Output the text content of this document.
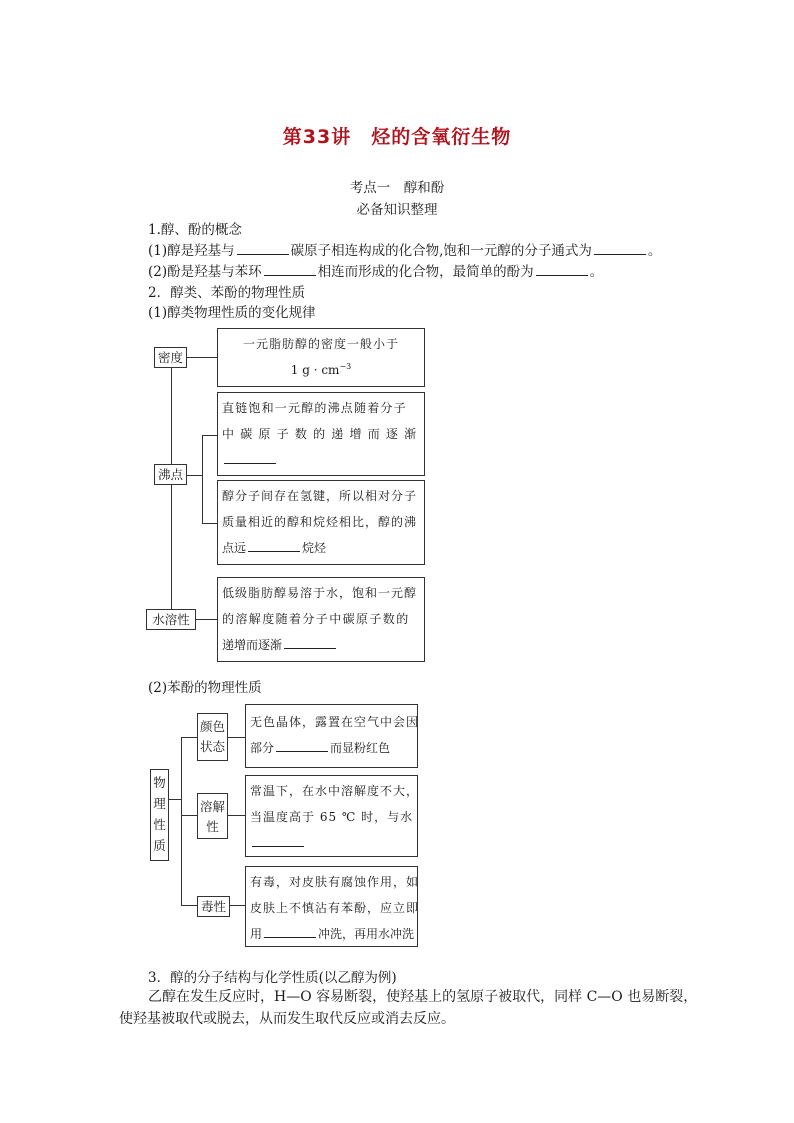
第33讲　烃的含氧衍生物
考点一　醇和酚
必备知识整理
1.醇、酚的概念
(1)醇是羟基与	碳原子相连构成的化合物,饱和一元醇的分子通式为	。
(2)酚是羟基与苯环	相连而形成的化合物，最简单的酚为	。
2．醇类、苯酚的物理性质
(1)醇类物理性质的变化规律
密度
一元脂肪醇的密度一般小于
1 $g \cdot cm^{-3}$
沸点
直链饱和一元醇的沸点随着分子
中 碳 原 子 数 的 递 增 而 逐 渐
醇分子间存在氢键，所以相对分子
质量相近的醇和烷烃相比，醇的沸
点远	烷烃
水溶性
低级脂肪醇易溶于水，饱和一元醇
的溶解度随着分子中碳原子数的
递增而逐渐
(2)苯酚的物理性质
物
理
性
质
颜色
状态
无色晶体，露置在空气中会因
部分	而显粉红色
溶解
性
常温下，在水中溶解度不大，
当温度高于 65 ℃ 时，与水
毒性
有毒，对皮肤有腐蚀作用，如
皮肤上不慎沾有苯酚，应立即
用	冲洗，再用水冲洗
3．醇的分子结构与化学性质(以乙醇为例)
乙醇在发生反应时，H—O 容易断裂，使羟基上的氢原子被取代，同样 C—O 也易断裂，
使羟基被取代或脱去，从而发生取代反应或消去反应。
